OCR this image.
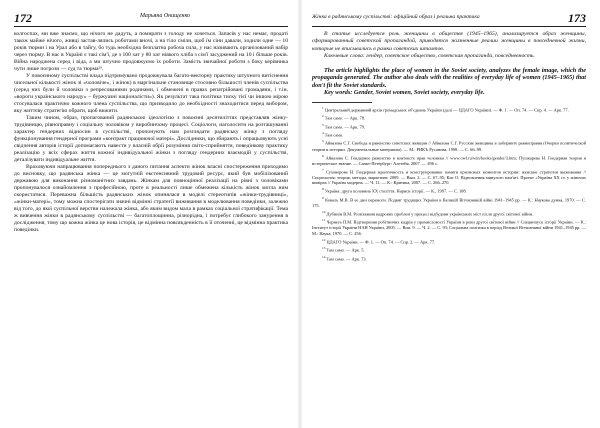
172	Марьяна Онищенко

колгоспах, ми вже знаємо, що нічого не дадуть, а помирати з голоду не хочеться. Запасів у нас немає, продаті також майже нічого, живці застав-лялись роботами вночі, а на тіло сміли, щоб їм сіни давали, ходили одне — 10 років тюрми і на Урал або в тайгу, бо тудь необхідна безплатна робоча сила, у нас називають організований набір через тюрму. В нас в Україні є такі сім'ї, де з 100 хат у 80 хат ніякого хліба з сім'ї засуджений на 10 і більше років. Війна народжена серед і віда, а ми штучно продовжуємо їх роботи. Замість звичайної роботи з боку керівника чути лише погрози — суд та тюрма²³.

У повоєнному суспільстві влада підтримувано продовжувала багато-векторну практику штучного витіснення чисельної кількості жінок зі «чоловіче», і жінок) в маргінальне становище стосовно більшості членів суспільства (серед них були й чоловіки з репресованими родинами, і обмежені в правах репатрійовані громадяни, і т.ін. «вороги українського народу» – буржуазні націоналісти»). Як результат така політика тиску тієї чи іншою мірою стосувалася практично кожного члена суспільства, що призводило до необхідності знаходитися перед вибором, яку життєву стратегію обрати, щоб вижити.

Таким чином, образ, пропагований радянською ідеологією з повоєнні десятиліттях представляв жінку-трудівницю, рівноправну і соціальну чоловіком у виробничому процесі. Соціологи, наголосити на розташуванні характер гендерних відносин в суспільстві, пропонують нам розглядати радянську жінку з погляду функціонування гендерної програми «контракт працюючої матері». Дослідники, що збирають і опрацьовують усні свідчення авторів історії допомагають навести у власній обрії розуміння світо-сприйняття, поведінкову практику реалізацію у всіх сферах життя кожної індивідуальної жінки з погляду гендерних взаємодій у суспільстві, деталізувати індивідуальне життя.

Враховуючи напрацювання попереднього з даного питання аспекти жінок власні спостереження приходимо до висновку, що радянська жінка — це могутній екстенсивний трудовий ресурс, який був мобілізований державою для виконання різноманітних завдань. Жінкам для повноцінної реалізації на рівні з чоловіками пропонувалося ознайомлення з професійною, проте в реальності лише обмежена кількість жінок могла ним скористатися. Переважна більшість радянських жінок опинялася в моделі стереотипів «жінки-трудівниці», «жінки-матері», тому можна спостерігати значні відмінні стратегії виживання в моделювання поведінки, залежно від того, до якої суспільної верстви належала жінка, або яким видом мала в рамках соціальної стратифікації. Тема ж вивчення жінки в радянському суспільстві — багатоплощинна, різнорідна, і потребує глибокого занурення в дослідження, тому що кожна жінка це нова історія, це відмінна повсякденність в її оточенні, це відмінна практика поведінки.

Жінка в радянському суспільстві: офіційний образ і реальна практика	173

В статье исследуется роль женщины в обществе (1945–1965), анализируется образ женщины, сформированный советской пропагандой, приводятся жизненные реалии женщины в повседневной жизни, которые не вписывались в рамки советских штампов.

Ключевые слова: гендер, советское общество, советская пропаганда, повседневность.

The article highlights the place of women in the Soviet society, analyzes the female image, which the propaganda generated. The author also deals with the realities of everyday life of women (1945–1965) that don't fit the Soviet standards.

Key words: Gender, Soviet women, Soviet society, everyday life.

$^1$ Центральний державний архів громадських об'єднань України (далі — ЦДАГО України). — Ф. 1. — Оп. 74. — Спр. 4. — Арк. 77.

$^2$ Там само. — Арк. 78.

$^3$ Там само. — Арк. 79.

$^4$ Там само.

$^5$ Айвазова С.Г. Свобода и равенство советских женщин // Айвазова С.Г. Русские женщины в лабиринте равноправия (Очерки политической теории и истории. Документальные материалы). — М.: РИКЪ Русанова, 1998. — С. 66–99.

$^6$ Айвазова С. Гендерное равенство в контексте прав человека // www.owl.ru/win/books/gender/3.htm; Пушкарева Н. Гендерная теория и историческое знание. — Санкт-Петербург: Алетейя, 2007. — 496 с.

$^7$ Суховерова Н. Гендерная идентичность и конструирование памяти кризисных моментов истории: женские стратегии выживания // Социология: теория, методы, маркетинг. 2009. — Вып. 2. — С. 67–95; Кис О. Відновлення минулого пам'яті. Проект «Україна ХХ ст. у жіночих вимірах // Україна модерна. — Ч. 11. — К.: Критика, 2007. — С. 266–270.

$^8$ Україна: друга половина ХХ століття. Нариси історії. — К., 1997. — С. 108.

$^9$ Коваль М.В. В ее дни перемоги. Подвиг трудящих України в Великій Вітчизняній війні 1941–1945 рр. — К.: Наукова думка, 1970. — С. 175.

$^{10}$ Дубинін В.М. Розв'язання кадрових проблем у процесі відбудови українських міст після другої світової війни.

$^{11}$ Чернега П.М. Відтворення робітничих кадрів у промисловості України в роки другої світової війни // Спецвипуск історії України. — К.: Інститут історії України НАН України, 2005. — Вип. 9. — Ч. 2. — С. 93; Соціальна політика в період Великої Вітчизняної війни 1941–1945 рр. — М.: Наука, 1970. — С. 256.

$^{12}$ ЦДАГО України. — Ф. 1. — Оп. 74. — Спр. 2. — Арк. 77.

$^{13}$ Там само. — Арк. 5.

$^{14}$ Там само. — Арк. 73.
